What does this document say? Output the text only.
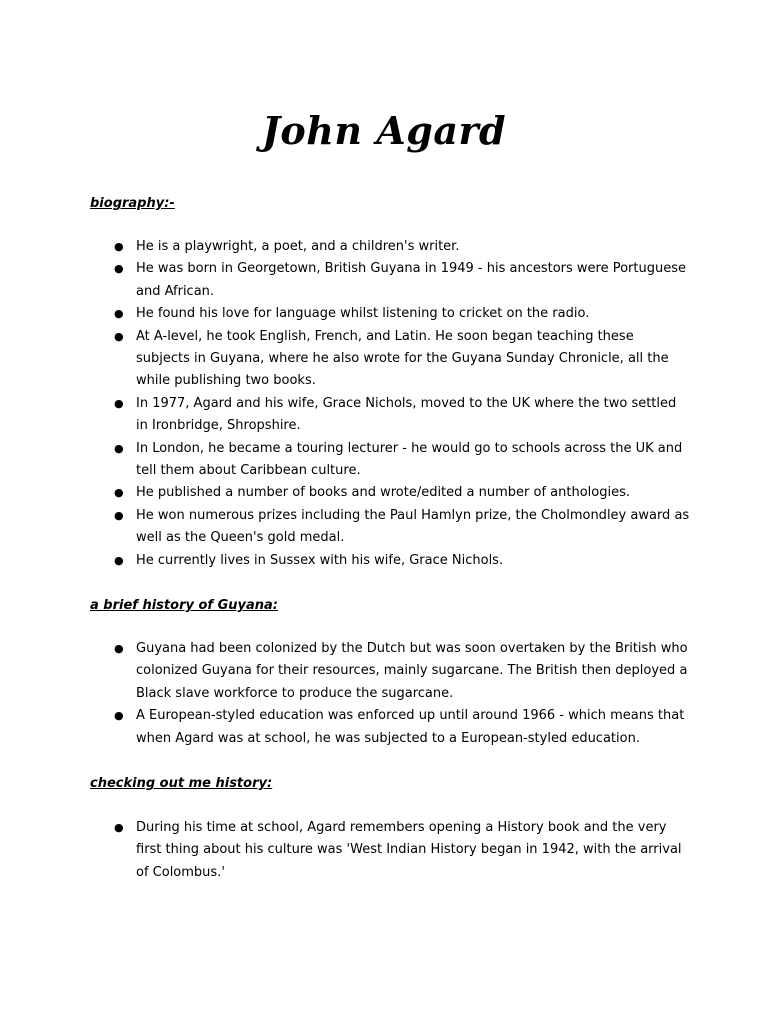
John Agard

biography:-

● He is a playwright, a poet, and a children's writer.
● He was born in Georgetown, British Guyana in 1949 - his ancestors were Portuguese and African.
● He found his love for language whilst listening to cricket on the radio.
● At A-level, he took English, French, and Latin. He soon began teaching these subjects in Guyana, where he also wrote for the Guyana Sunday Chronicle, all the while publishing two books.
● In 1977, Agard and his wife, Grace Nichols, moved to the UK where the two settled in Ironbridge, Shropshire.
● In London, he became a touring lecturer - he would go to schools across the UK and tell them about Caribbean culture.
● He published a number of books and wrote/edited a number of anthologies.
● He won numerous prizes including the Paul Hamlyn prize, the Cholmondley award as well as the Queen's gold medal.
● He currently lives in Sussex with his wife, Grace Nichols.

a brief history of Guyana:

● Guyana had been colonized by the Dutch but was soon overtaken by the British who colonized Guyana for their resources, mainly sugarcane. The British then deployed a Black slave workforce to produce the sugarcane.
● A European-styled education was enforced up until around 1966 - which means that when Agard was at school, he was subjected to a European-styled education.

checking out me history:

● During his time at school, Agard remembers opening a History book and the very first thing about his culture was 'West Indian History began in 1942, with the arrival of Colombus.'
